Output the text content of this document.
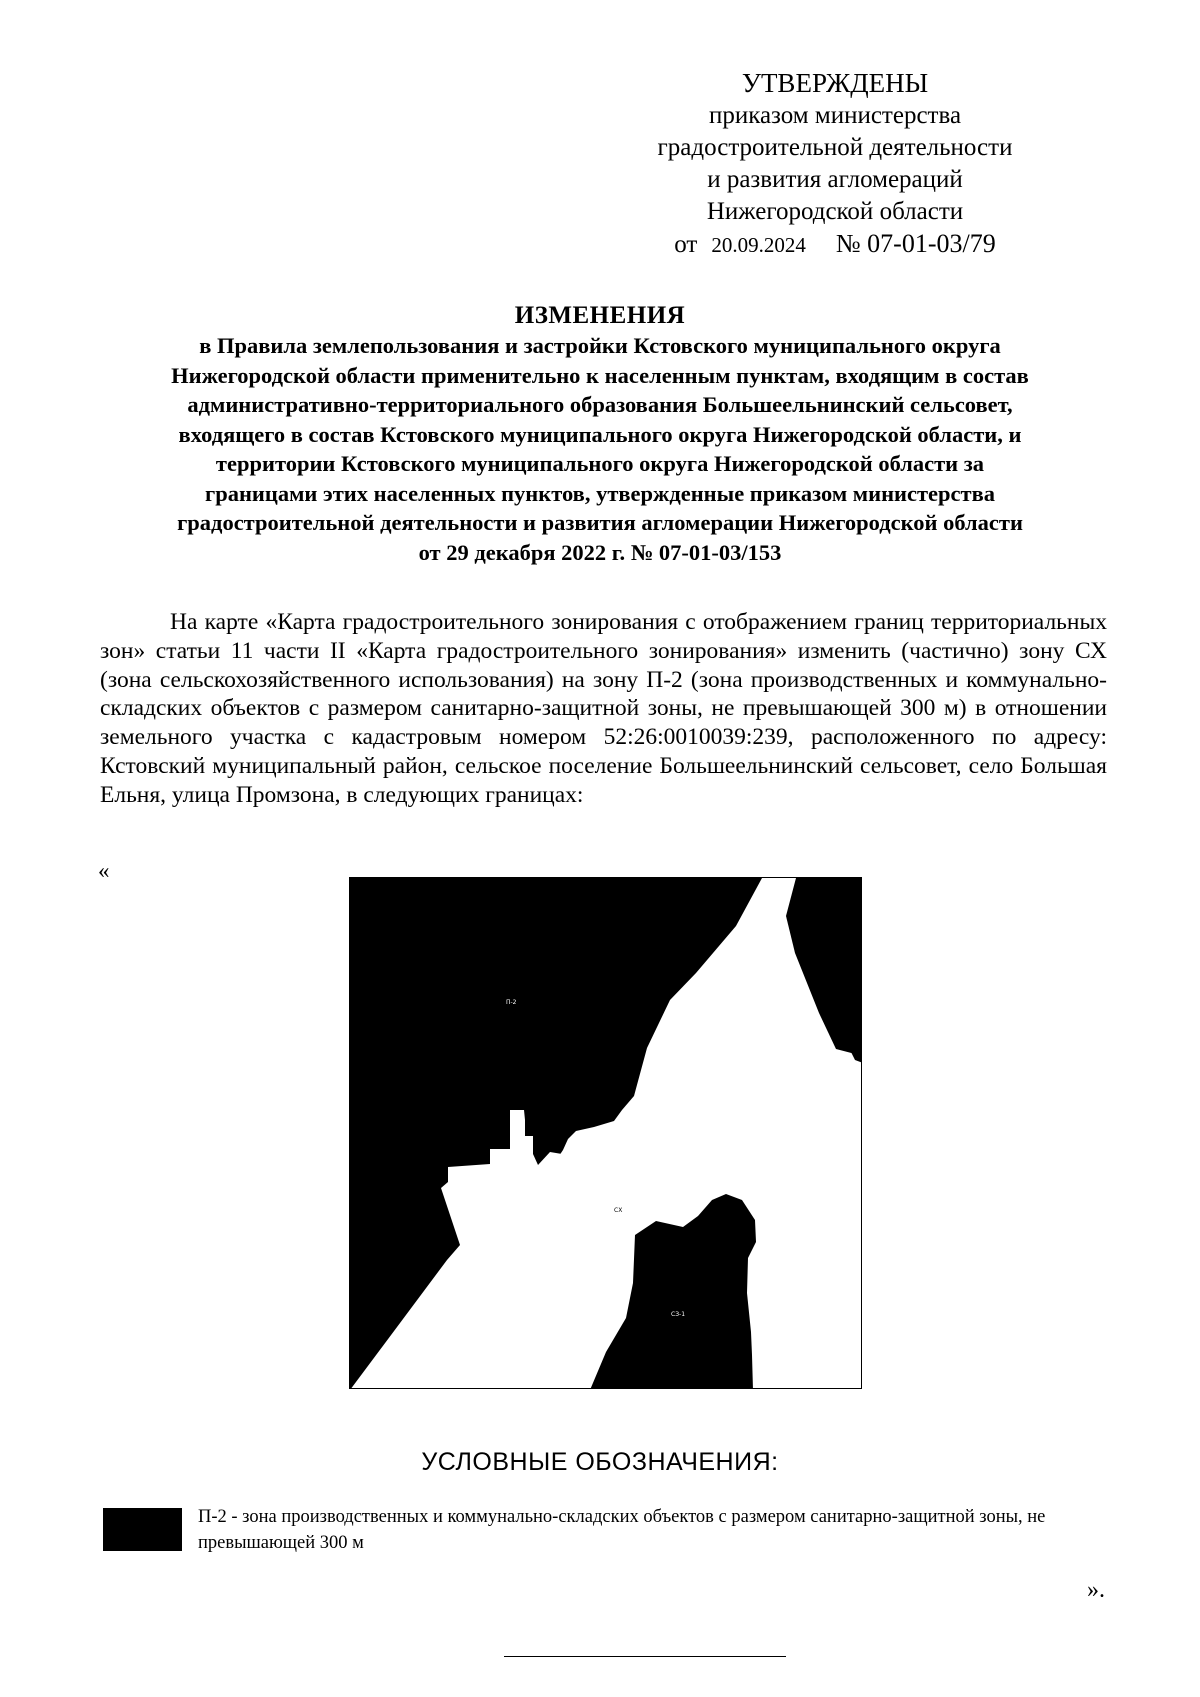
УТВЕРЖДЕНЫ
приказом министерства
градостроительной деятельности
и развития агломераций
Нижегородской области
от 20.09.2024 № 07-01-03/79
ИЗМЕНЕНИЯ
в Правила землепользования и застройки Кстовского муниципального округа
Нижегородской области применительно к населенным пунктам, входящим в состав
административно-территориального образования Большеельнинский сельсовет,
входящего в состав Кстовского муниципального округа Нижегородской области, и
территории Кстовского муниципального округа Нижегородской области за
границами этих населенных пунктов, утвержденные приказом министерства
градостроительной деятельности и развития агломерации Нижегородской области
от 29 декабря 2022 г. № 07-01-03/153
На карте «Карта градостроительного зонирования с отображением границ территориальных зон» статьи 11 части II «Карта градостроительного зонирования» изменить (частично) зону СХ (зона сельскохозяйственного использования) на зону П-2 (зона производственных и коммунально-складских объектов с размером санитарно-защитной зоны, не превышающей 300 м) в отношении земельного участка с кадастровым номером 52:26:0010039:239, расположенного по адресу: Кстовский муниципальный район, сельское поселение Большеельнинский сельсовет, село Большая Ельня, улица Промзона, в следующих границах:
«
П-2
СХ
СЗ-1
УСЛОВНЫЕ ОБОЗНАЧЕНИЯ:
П-2 - зона производственных и коммунально-складских объектов с размером санитарно-защитной зоны, не превышающей 300 м
».
